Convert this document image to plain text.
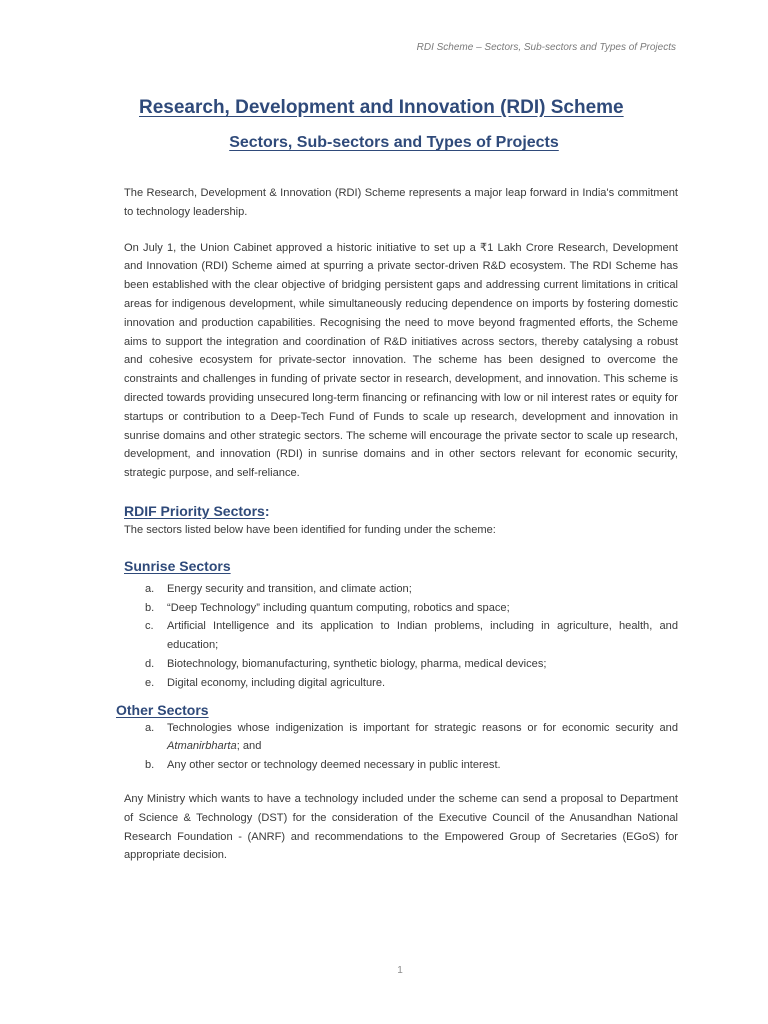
RDI Scheme – Sectors, Sub-sectors and Types of Projects
Research, Development and Innovation (RDI) Scheme
Sectors, Sub-sectors and Types of Projects

The Research, Development & Innovation (RDI) Scheme represents a major leap forward in India's commitment to technology leadership.

On July 1, the Union Cabinet approved a historic initiative to set up a ₹1 Lakh Crore Research, Development and Innovation (RDI) Scheme aimed at spurring a private sector-driven R&D ecosystem. The RDI Scheme has been established with the clear objective of bridging persistent gaps and addressing current limitations in critical areas for indigenous development, while simultaneously reducing dependence on imports by fostering domestic innovation and production capabilities. Recognising the need to move beyond fragmented efforts, the Scheme aims to support the integration and coordination of R&D initiatives across sectors, thereby catalysing a robust and cohesive ecosystem for private-sector innovation. The scheme has been designed to overcome the constraints and challenges in funding of private sector in research, development, and innovation. This scheme is directed towards providing unsecured long-term financing or refinancing with low or nil interest rates or equity for startups or contribution to a Deep-Tech Fund of Funds to scale up research, development and innovation in sunrise domains and other strategic sectors. The scheme will encourage the private sector to scale up research, development, and innovation (RDI) in sunrise domains and in other sectors relevant for economic security, strategic purpose, and self-reliance.

RDIF Priority Sectors:

The sectors listed below have been identified for funding under the scheme:

Sunrise Sectors
a. Energy security and transition, and climate action;
b. “Deep Technology” including quantum computing, robotics and space;
c. Artificial Intelligence and its application to Indian problems, including in agriculture, health, and education;
d. Biotechnology, biomanufacturing, synthetic biology, pharma, medical devices;
e. Digital economy, including digital agriculture.
Other Sectors
a. Technologies whose indigenization is important for strategic reasons or for economic security and Atmanirbharta; and
b. Any other sector or technology deemed necessary in public interest.

Any Ministry which wants to have a technology included under the scheme can send a proposal to Department of Science & Technology (DST) for the consideration of the Executive Council of the Anusandhan National Research Foundation - (ANRF) and recommendations to the Empowered Group of Secretaries (EGoS) for appropriate decision.

1
